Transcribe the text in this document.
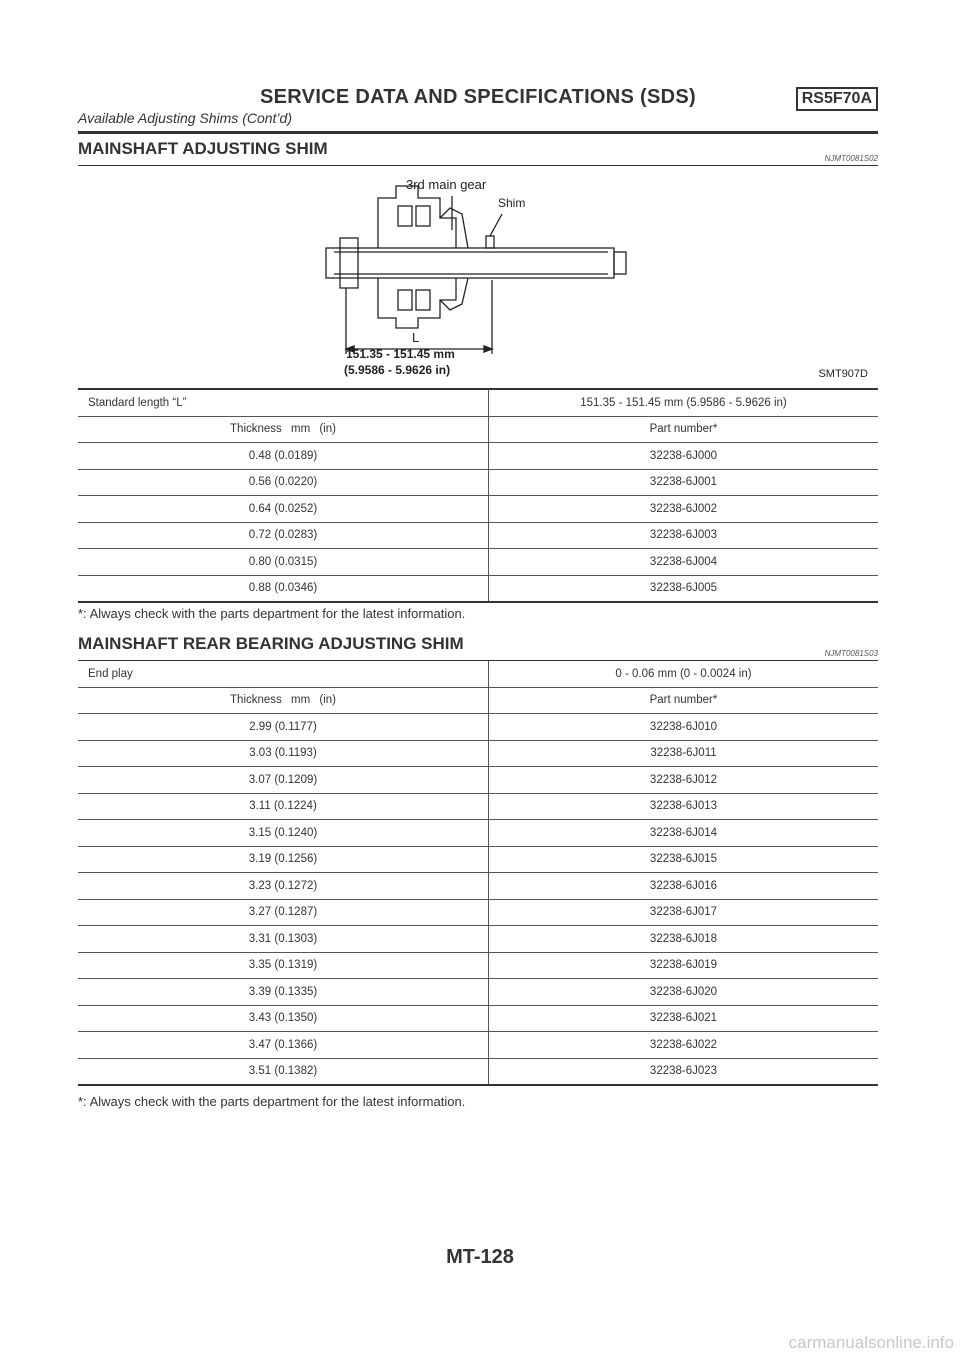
SERVICE DATA AND SPECIFICATIONS (SDS)	RS5F70A
Available Adjusting Shims (Cont’d)
MAINSHAFT ADJUSTING SHIM
NJMT0081S02
3rd main gear
Shim
L
151.35 - 151.45 mm
(5.9586 - 5.9626 in)	SMT907D
Standard length “L”	151.35 - 151.45 mm (5.9586 - 5.9626 in)
Thickness mm (in)	Part number*
0.48 (0.0189)	32238-6J000
0.56 (0.0220)	32238-6J001
0.64 (0.0252)	32238-6J002
0.72 (0.0283)	32238-6J003
0.80 (0.0315)	32238-6J004
0.88 (0.0346)	32238-6J005
*: Always check with the parts department for the latest information.
MAINSHAFT REAR BEARING ADJUSTING SHIM
NJMT0081S03
End play	0 - 0.06 mm (0 - 0.0024 in)
Thickness mm (in)	Part number*
2.99 (0.1177)	32238-6J010
3.03 (0.1193)	32238-6J011
3.07 (0.1209)	32238-6J012
3.11 (0.1224)	32238-6J013
3.15 (0.1240)	32238-6J014
3.19 (0.1256)	32238-6J015
3.23 (0.1272)	32238-6J016
3.27 (0.1287)	32238-6J017
3.31 (0.1303)	32238-6J018
3.35 (0.1319)	32238-6J019
3.39 (0.1335)	32238-6J020
3.43 (0.1350)	32238-6J021
3.47 (0.1366)	32238-6J022
3.51 (0.1382)	32238-6J023
*: Always check with the parts department for the latest information.
MT-128
carmanualsonline.info
